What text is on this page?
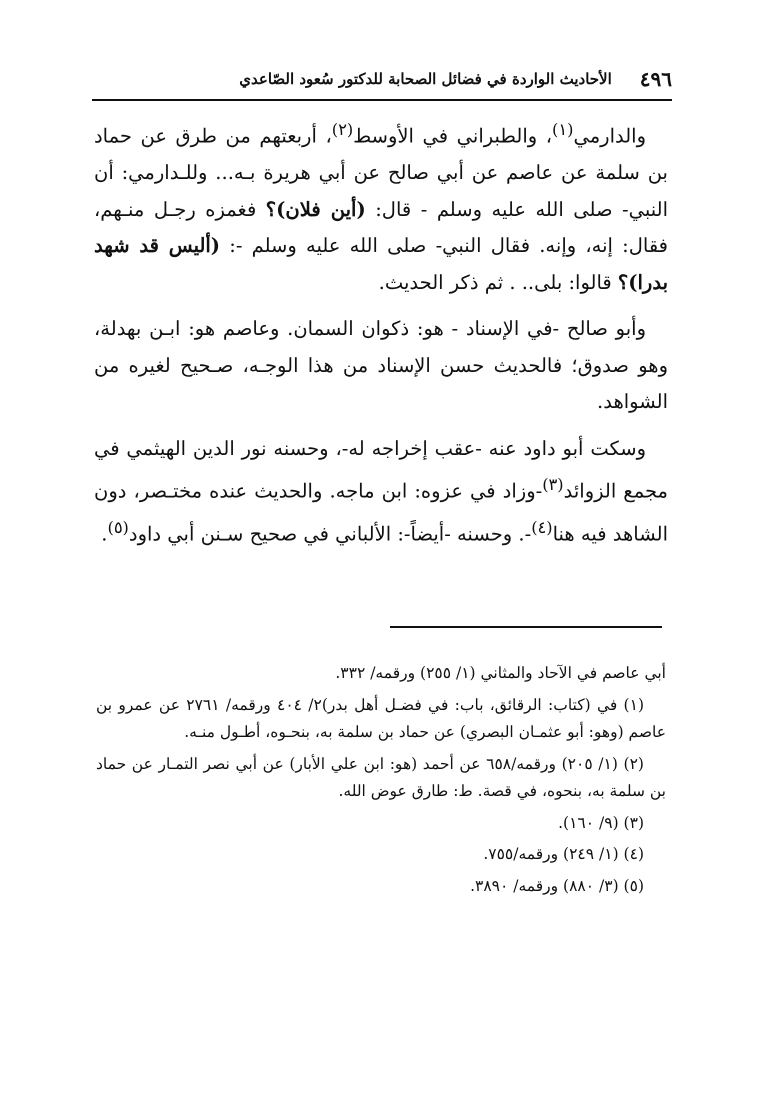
٤٩٦
الأحاديث الواردة في فضائل الصحابة للدكتور سُعود الصّاعدي

والدارمي$^{(١)}$، والطبراني في الأوسط$^{(٢)}$، أربعتهم من طرق عن حماد بن سلمة عن عاصم عن أبي صالح عن أبي هريرة بـه... وللـدارمي: أن النبي- صلى الله عليه وسلم - قال: (أين فلان)؟ فغمزه رجـل منـهم، فقال: إنه، وإنه. فقال النبي- صلى الله عليه وسلم -: (أليس قد شهد بدرا)؟ قالوا: بلى.. . ثم ذكر الحديث.

وأبو صالح -في الإسناد - هو: ذكوان السمان. وعاصم هو: ابـن بهدلة، وهو صدوق؛ فالحديث حسن الإسناد من هذا الوجـه، صـحيح لغيره من الشواهد.

وسكت أبو داود عنه -عقب إخراجه له-، وحسنه نور الدين الهيثمي في مجمع الزوائد$^{(٣)}$-وزاد في عزوه: ابن ماجه. والحديث عنده مختـصر، دون الشاهد فيه هنا$^{(٤)}$-. وحسنه -أيضاً-: الألباني في صحيح سـنن أبي داود$^{(٥)}$.

أبي عاصم في الآحاد والمثاني (١/ ٢٥٥) ورقمه/ ٣٣٢.

(١) في (كتاب: الرقائق، باب: في فضـل أهل بدر)٢/ ٤٠٤ ورقمه/ ٢٧٦١ عن عمرو بن عاصم (وهو: أبو عثمـان البصري) عن حماد بن سلمة به، بنحـوه، أطـول منـه.

(٢) (١/ ٢٠٥) ورقمه/٦٥٨ عن أحمد (هو: ابن علي الأبار) عن أبي نصر التمـار عن حماد بن سلمة به، بنحوه، في قصة. ط: طارق عوض الله.

(٣) (٩/ ١٦٠).

(٤) (١/ ٢٤٩) ورقمه/٧٥٥.

(٥) (٣/ ٨٨٠) ورقمه/ ٣٨٩٠.
